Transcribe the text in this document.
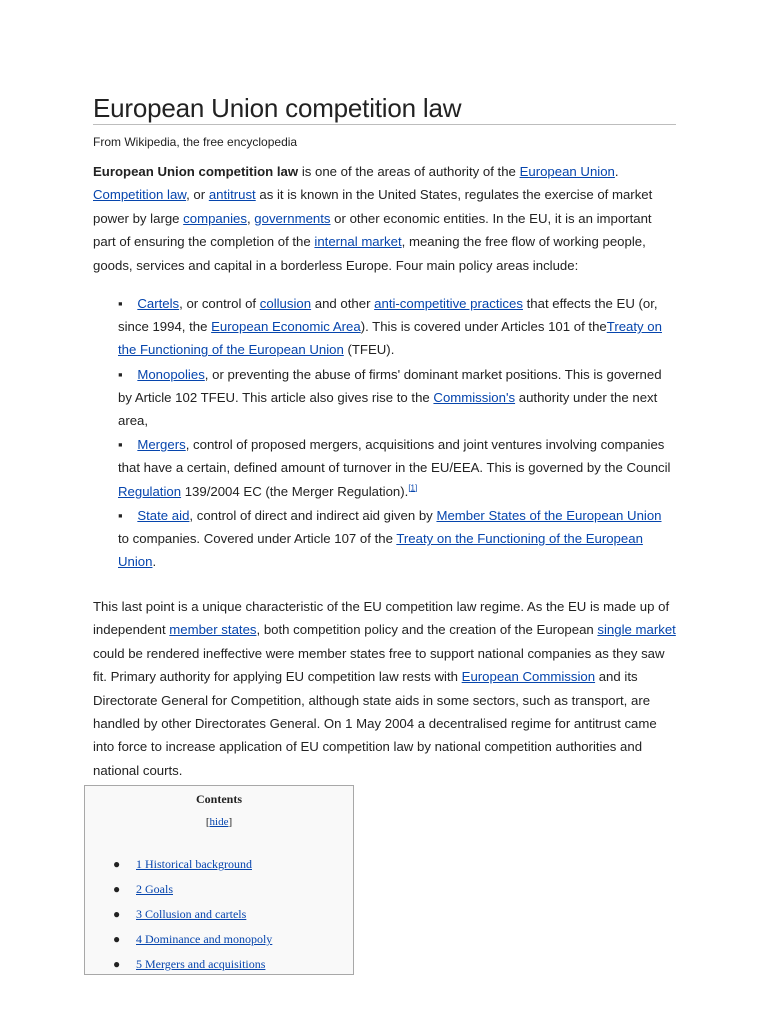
European Union competition law
From Wikipedia, the free encyclopedia

European Union competition law is one of the areas of authority of the European Union. Competition law, or antitrust as it is known in the United States, regulates the exercise of market power by large companies, governments or other economic entities. In the EU, it is an important part of ensuring the completion of the internal market, meaning the free flow of working people, goods, services and capital in a borderless Europe. Four main policy areas include:

▪ Cartels, or control of collusion and other anti-competitive practices that effects the EU (or, since 1994, the European Economic Area). This is covered under Articles 101 of theTreaty on the Functioning of the European Union (TFEU).
▪ Monopolies, or preventing the abuse of firms' dominant market positions. This is governed by Article 102 TFEU. This article also gives rise to the Commission's authority under the next area,
▪ Mergers, control of proposed mergers, acquisitions and joint ventures involving companies that have a certain, defined amount of turnover in the EU/EEA. This is governed by the Council Regulation 139/2004 EC (the Merger Regulation).[1]
▪ State aid, control of direct and indirect aid given by Member States of the European Union to companies. Covered under Article 107 of the Treaty on the Functioning of the European Union.

This last point is a unique characteristic of the EU competition law regime. As the EU is made up of independent member states, both competition policy and the creation of the European single market could be rendered ineffective were member states free to support national companies as they saw fit. Primary authority for applying EU competition law rests with European Commission and its Directorate General for Competition, although state aids in some sectors, such as transport, are handled by other Directorates General. On 1 May 2004 a decentralised regime for antitrust came into force to increase application of EU competition law by national competition authorities and national courts.

Contents
[hide]
● 1 Historical background
● 2 Goals
● 3 Collusion and cartels
● 4 Dominance and monopoly
● 5 Mergers and acquisitions
